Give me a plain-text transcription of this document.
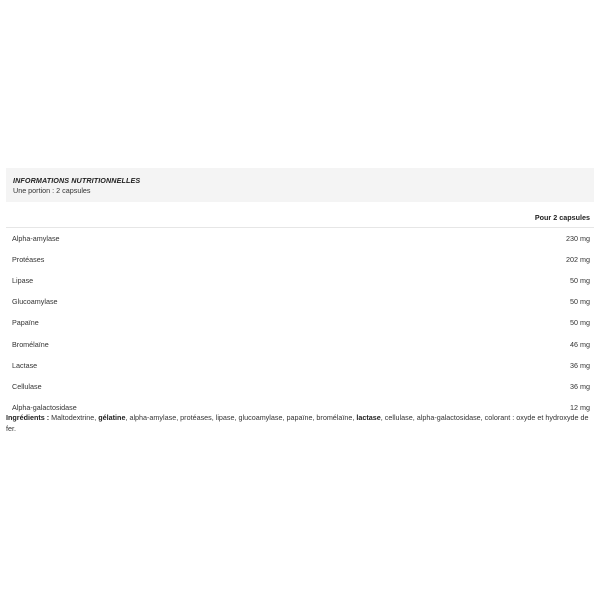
INFORMATIONS NUTRITIONNELLES
Une portion : 2 capsules
Pour 2 capsules
Alpha-amylase	230 mg
Protéases	202 mg
Lipase	50 mg
Glucoamylase	50 mg
Papaïne	50 mg
Bromélaïne	46 mg
Lactase	36 mg
Cellulase	36 mg
Alpha-galactosidase	12 mg
Ingrédients : Maltodextrine, gélatine, alpha-amylase, protéases, lipase, glucoamylase, papaïne, bromélaïne, lactase, cellulase, alpha-galactosidase, colorant : oxyde et hydroxyde de fer.
